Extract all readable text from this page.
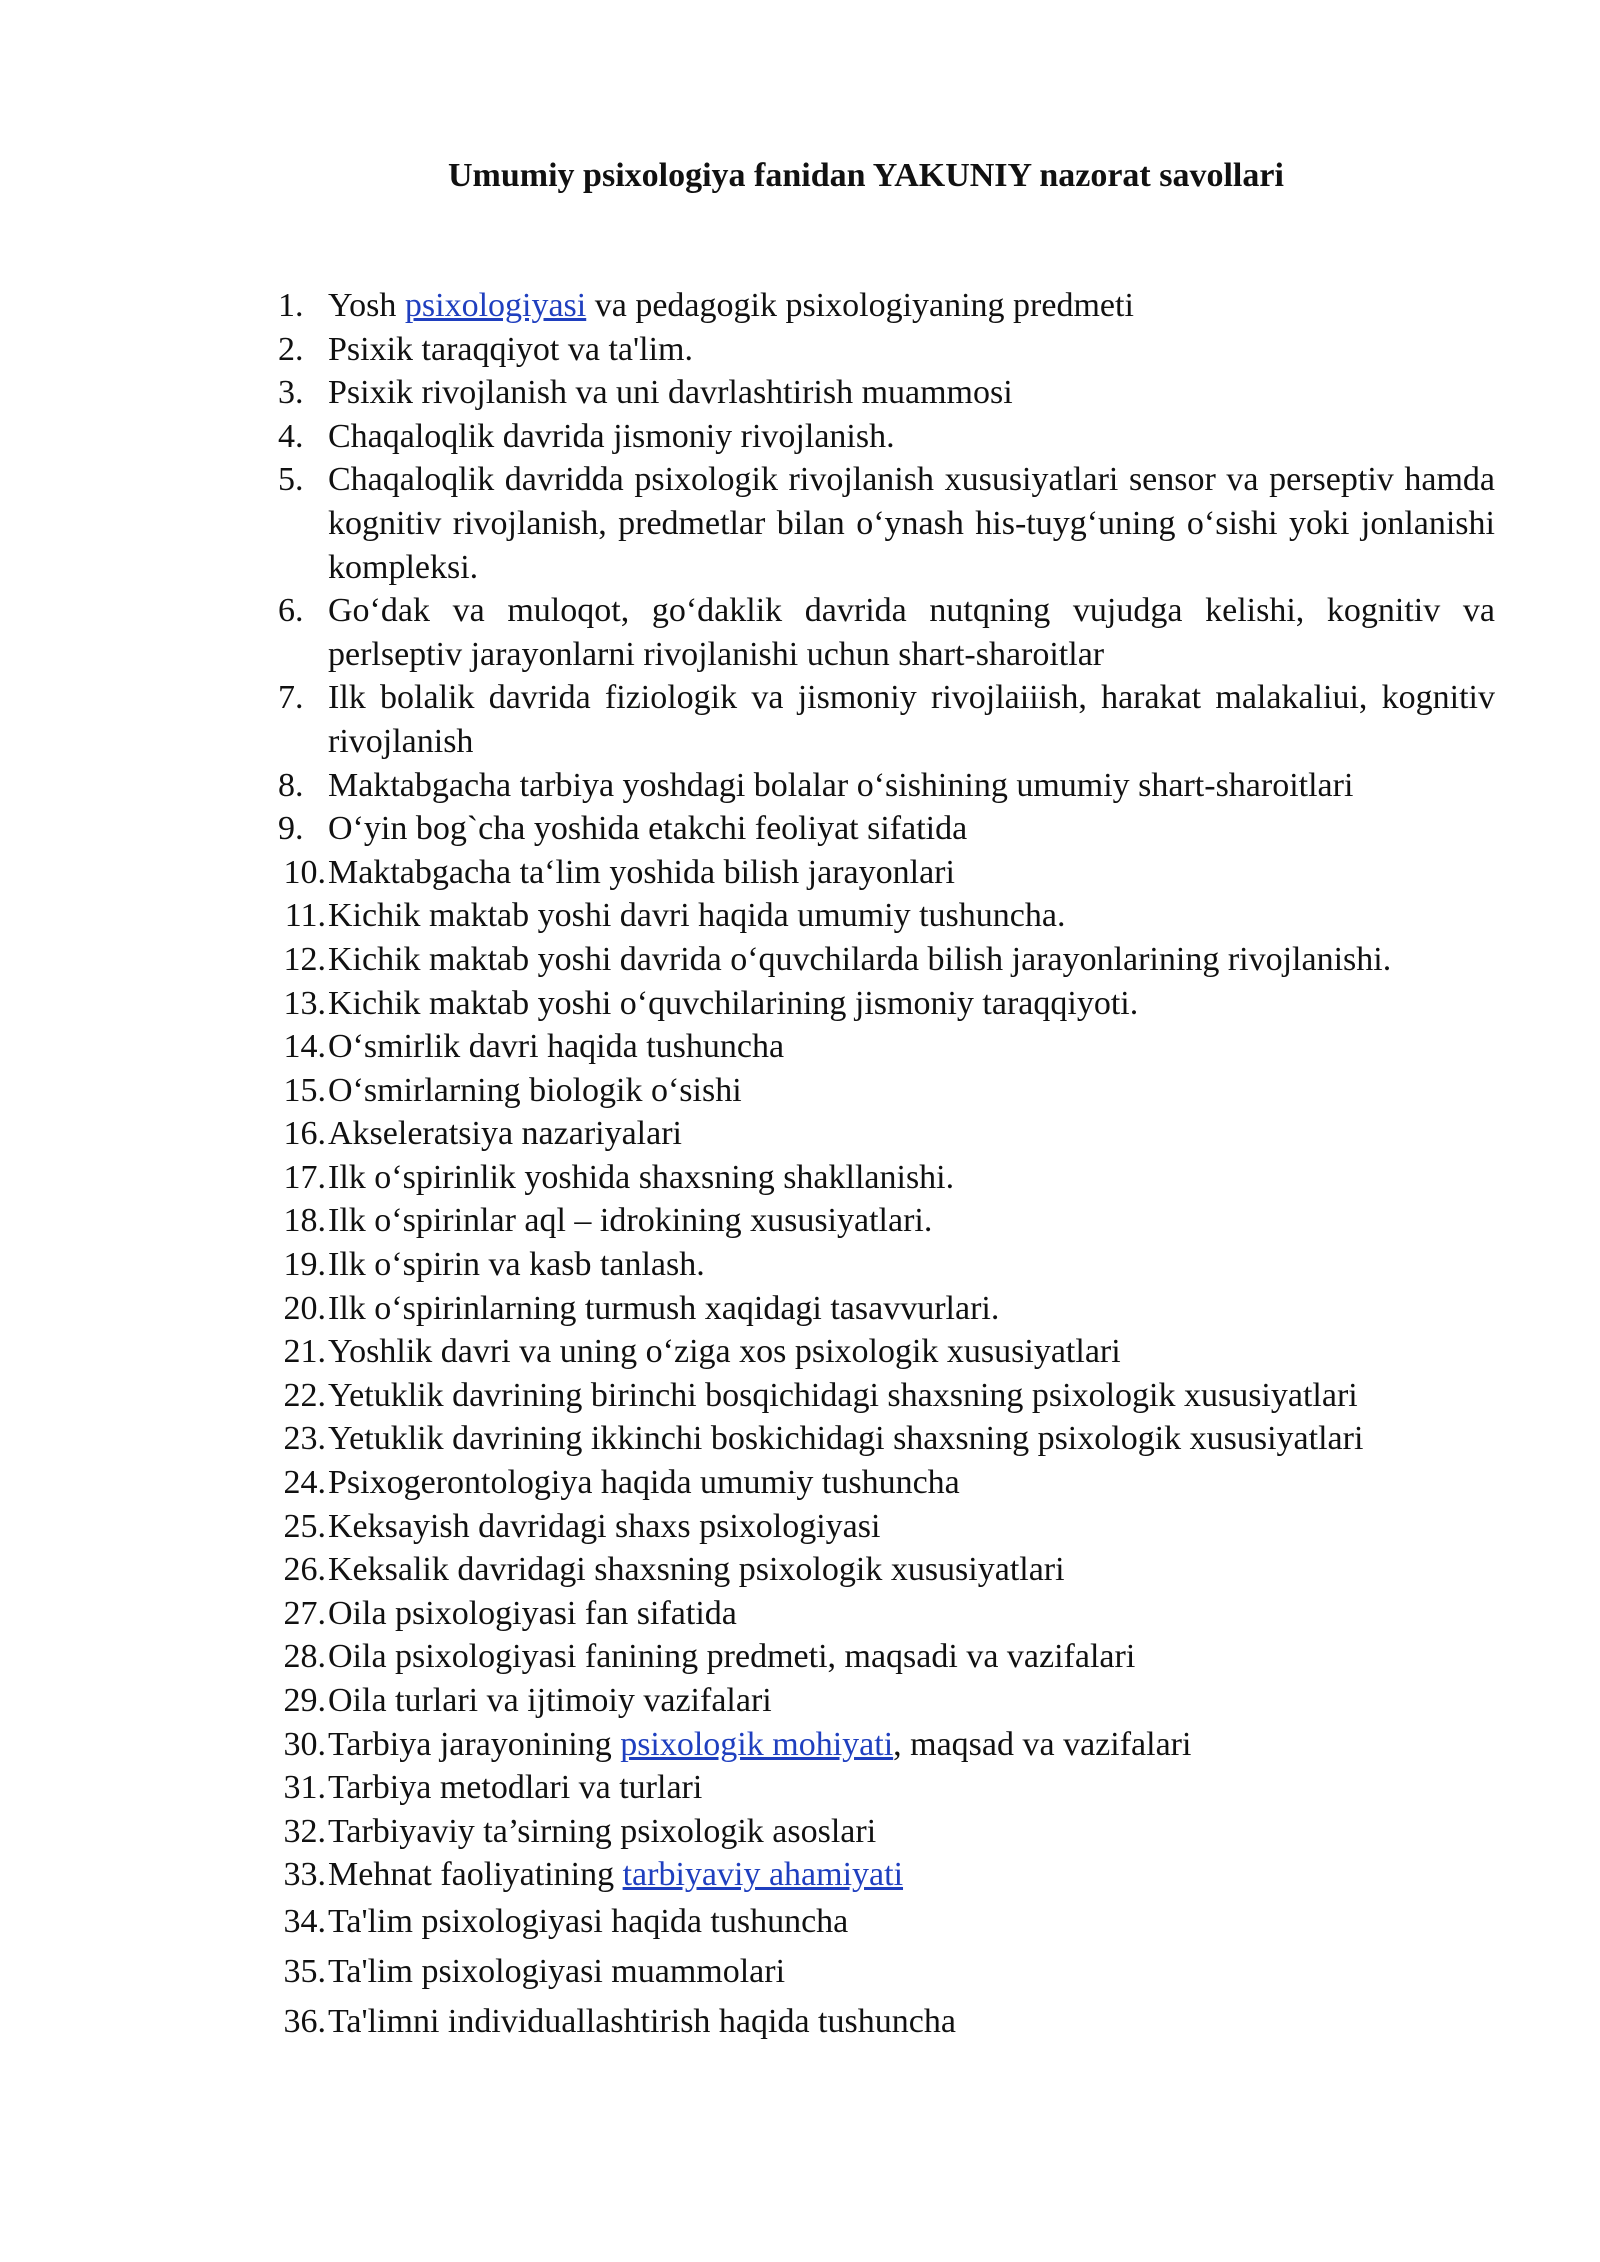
Umumiy psixologiya fanidan YAKUNIY nazorat savollari
1. Yosh psixologiyasi va pedagogik psixologiyaning predmeti
2. Psixik taraqqiyot va ta'lim.
3. Psixik rivojlanish va uni davrlashtirish muammosi
4. Chaqaloqlik davrida jismoniy rivojlanish.
5. Chaqaloqlik davridda psixologik rivojlanish xususiyatlari sensor va perseptiv hamda kognitiv rivojlanish, predmetlar bilan o‘ynash his-tuyg‘uning o‘sishi yoki jonlanishi kompleksi.
6. Go‘dak va muloqot, go‘daklik davrida nutqning vujudga kelishi, kognitiv va perlseptiv jarayonlarni rivojlanishi uchun shart-sharoitlar
7. Ilk bolalik davrida fiziologik va jismoniy rivojlaiiish, harakat malakaliui, kognitiv rivojlanish
8. Maktabgacha tarbiya yoshdagi bolalar o‘sishining umumiy shart-sharoitlari
9. O‘yin bog`cha yoshida etakchi feoliyat sifatida
10. Maktabgacha ta‘lim yoshida bilish jarayonlari
11. Kichik maktab yoshi davri haqida umumiy tushuncha.
12. Kichik maktab yoshi davrida o‘quvchilarda bilish jarayonlarining rivojlanishi.
13. Kichik maktab yoshi o‘quvchilarining jismoniy taraqqiyoti.
14. O‘smirlik davri haqida tushuncha
15. O‘smirlarning biologik o‘sishi
16. Akseleratsiya nazariyalari
17. Ilk o‘spirinlik yoshida shaxsning shakllanishi.
18. Ilk o‘spirinlar aql – idrokining xususiyatlari.
19. Ilk o‘spirin va kasb tanlash.
20. Ilk o‘spirinlarning turmush xaqidagi tasavvurlari.
21. Yoshlik davri va uning o‘ziga xos psixologik xususiyatlari
22. Yetuklik davrining birinchi bosqichidagi shaxsning psixologik xususiyatlari
23. Yetuklik davrining ikkinchi boskichidagi shaxsning psixologik xususiyatlari
24. Psixogerontologiya haqida umumiy tushuncha
25. Keksayish davridagi shaxs psixologiyasi
26. Keksalik davridagi shaxsning psixologik xususiyatlari
27. Oila psixologiyasi fan sifatida
28. Oila psixologiyasi fanining predmeti, maqsadi va vazifalari
29. Oila turlari va ijtimoiy vazifalari
30. Tarbiya jarayonining psixologik mohiyati, maqsad va vazifalari
31. Tarbiya metodlari va turlari
32. Tarbiyaviy ta’sirning psixologik asoslari
33. Mehnat faoliyatining tarbiyaviy ahamiyati
34. Ta'lim psixologiyasi haqida tushuncha
35. Ta'lim psixologiyasi muammolari
36. Ta'limni individuallashtirish haqida tushuncha
